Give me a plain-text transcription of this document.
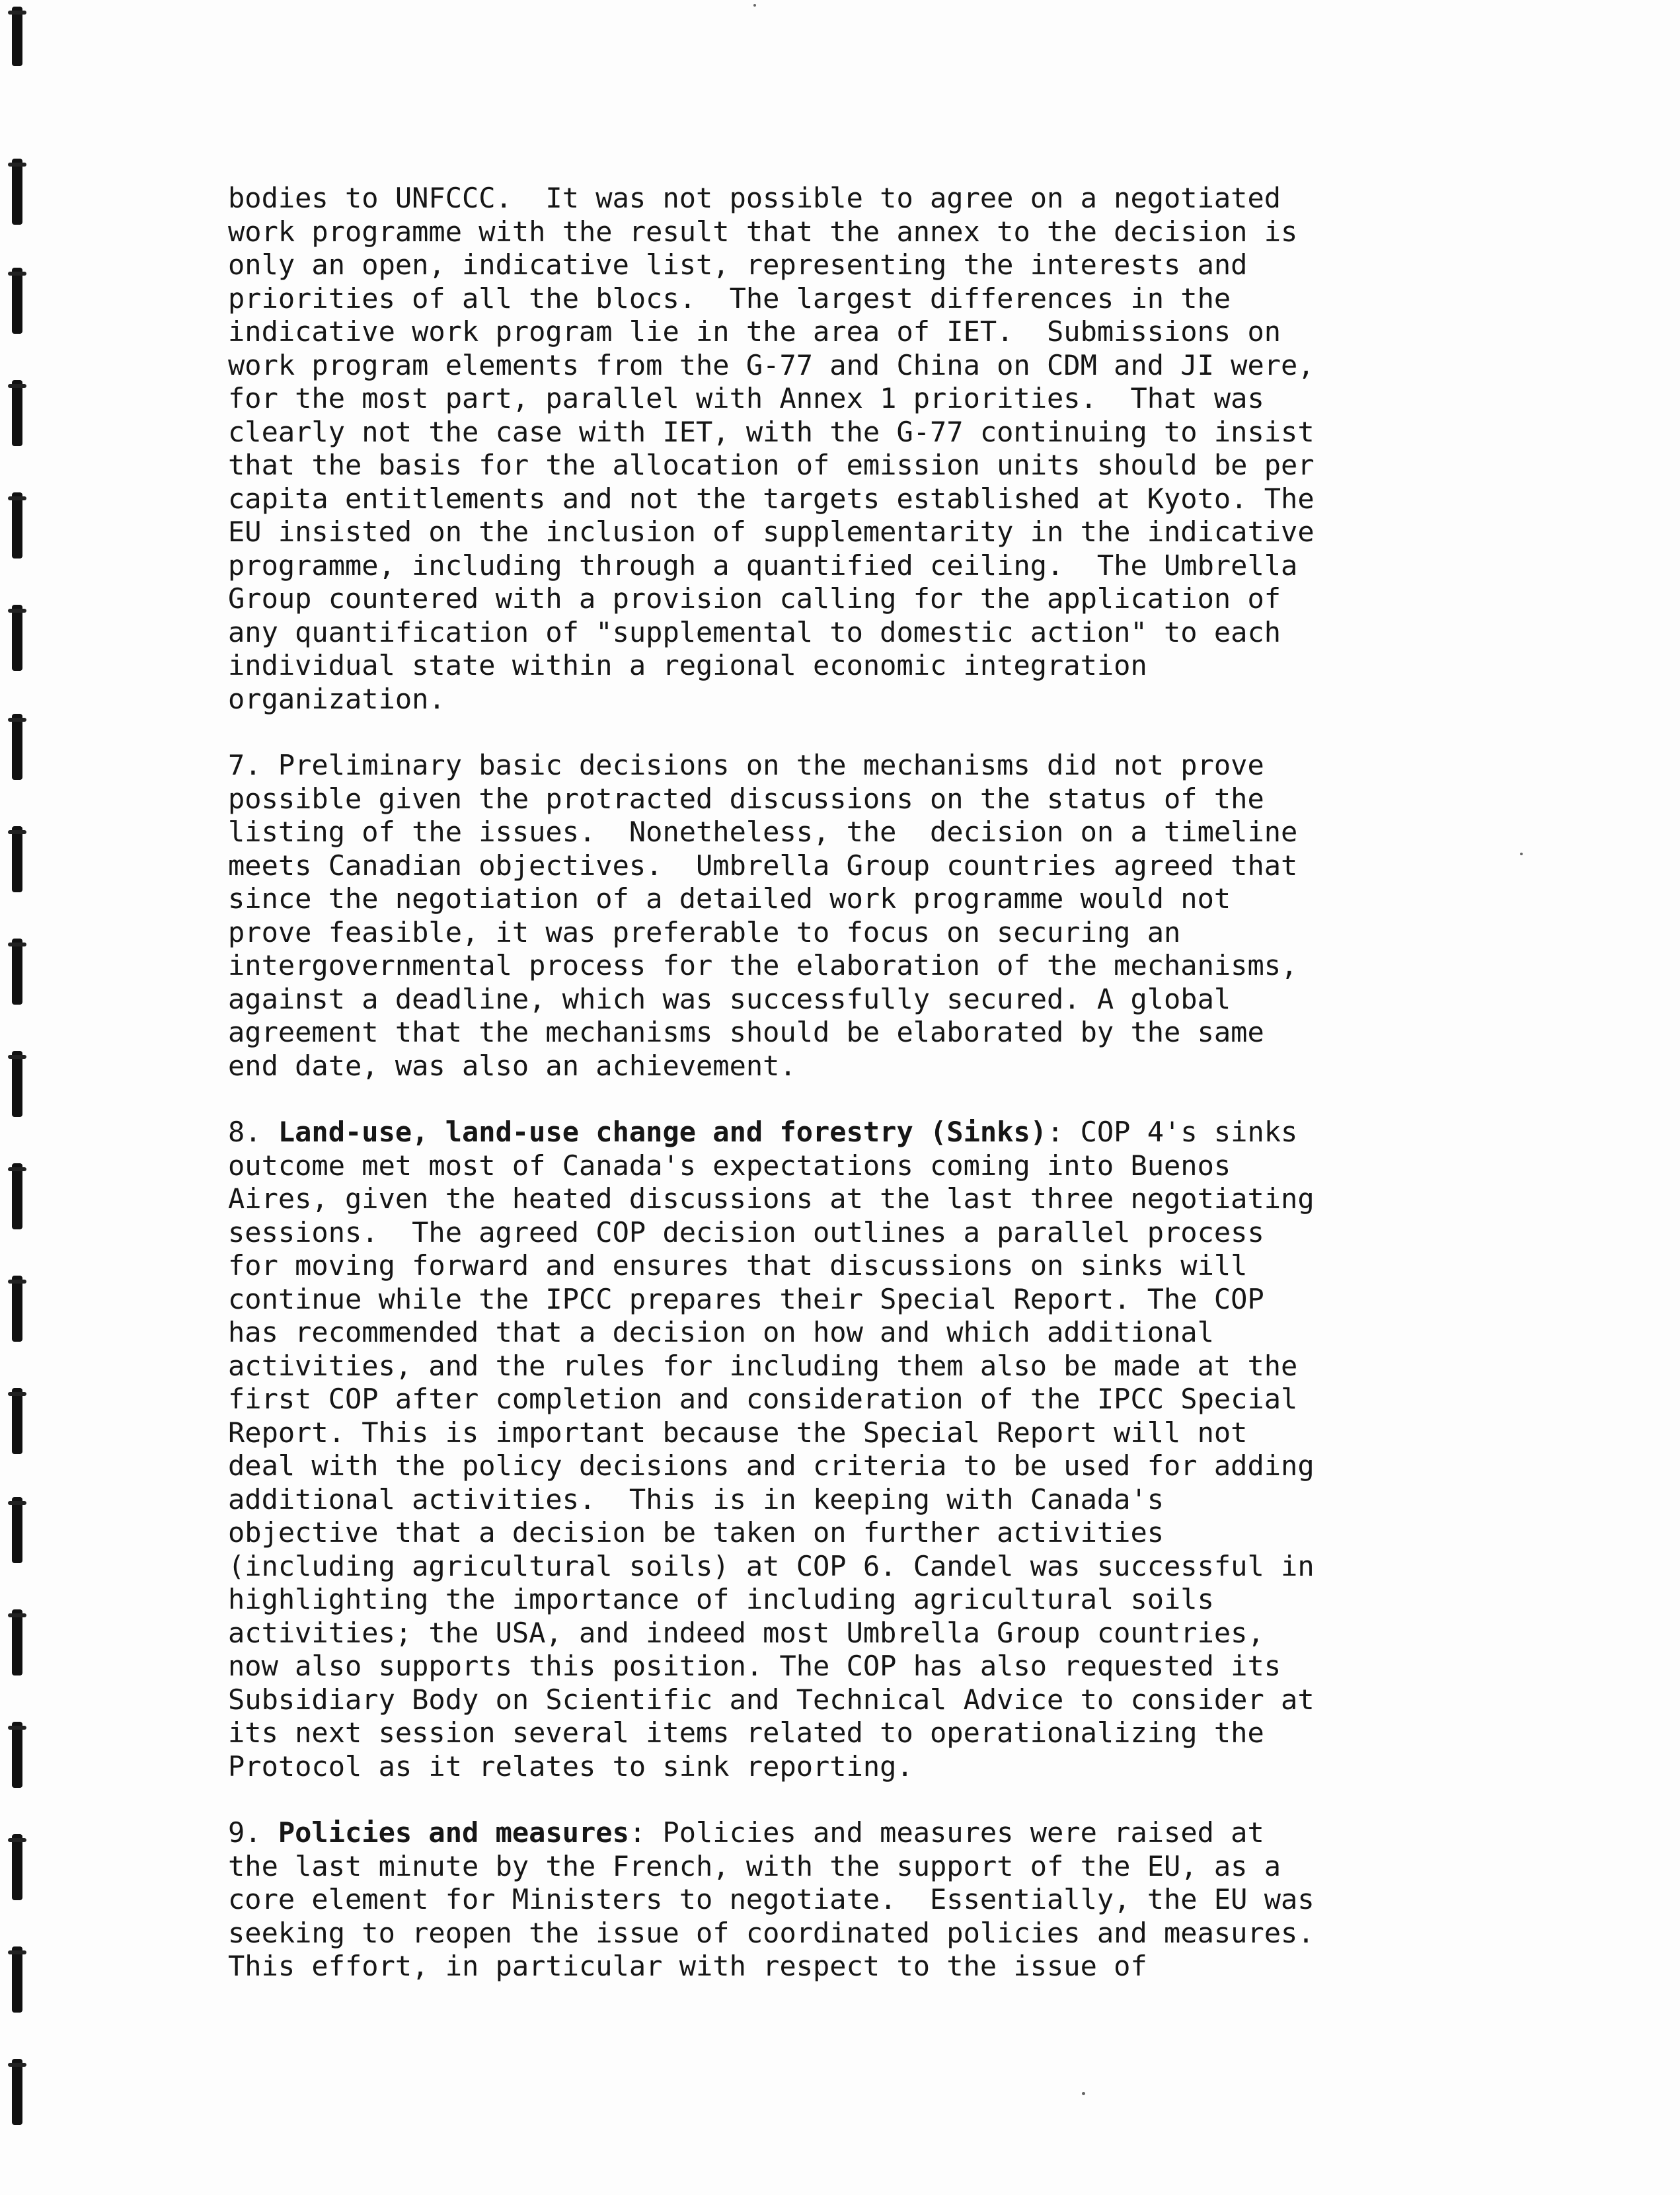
bodies to UNFCCC.  It was not possible to agree on a negotiated
work programme with the result that the annex to the decision is
only an open, indicative list, representing the interests and
priorities of all the blocs.  The largest differences in the
indicative work program lie in the area of IET.  Submissions on
work program elements from the G-77 and China on CDM and JI were,
for the most part, parallel with Annex 1 priorities.  That was
clearly not the case with IET, with the G-77 continuing to insist
that the basis for the allocation of emission units should be per
capita entitlements and not the targets established at Kyoto. The
EU insisted on the inclusion of supplementarity in the indicative
programme, including through a quantified ceiling.  The Umbrella
Group countered with a provision calling for the application of
any quantification of "supplemental to domestic action" to each
individual state within a regional economic integration
organization.
7. Preliminary basic decisions on the mechanisms did not prove
possible given the protracted discussions on the status of the
listing of the issues.  Nonetheless, the  decision on a timeline
meets Canadian objectives.  Umbrella Group countries agreed that
since the negotiation of a detailed work programme would not
prove feasible, it was preferable to focus on securing an
intergovernmental process for the elaboration of the mechanisms,
against a deadline, which was successfully secured. A global
agreement that the mechanisms should be elaborated by the same
end date, was also an achievement.
8. Land-use, land-use change and forestry (Sinks): COP 4's sinks
outcome met most of Canada's expectations coming into Buenos
Aires, given the heated discussions at the last three negotiating
sessions.  The agreed COP decision outlines a parallel process
for moving forward and ensures that discussions on sinks will
continue while the IPCC prepares their Special Report. The COP
has recommended that a decision on how and which additional
activities, and the rules for including them also be made at the
first COP after completion and consideration of the IPCC Special
Report. This is important because the Special Report will not
deal with the policy decisions and criteria to be used for adding
additional activities.  This is in keeping with Canada's
objective that a decision be taken on further activities
(including agricultural soils) at COP 6. Candel was successful in
highlighting the importance of including agricultural soils
activities; the USA, and indeed most Umbrella Group countries,
now also supports this position. The COP has also requested its
Subsidiary Body on Scientific and Technical Advice to consider at
its next session several items related to operationalizing the
Protocol as it relates to sink reporting.
9. Policies and measures: Policies and measures were raised at
the last minute by the French, with the support of the EU, as a
core element for Ministers to negotiate.  Essentially, the EU was
seeking to reopen the issue of coordinated policies and measures.
This effort, in particular with respect to the issue of
